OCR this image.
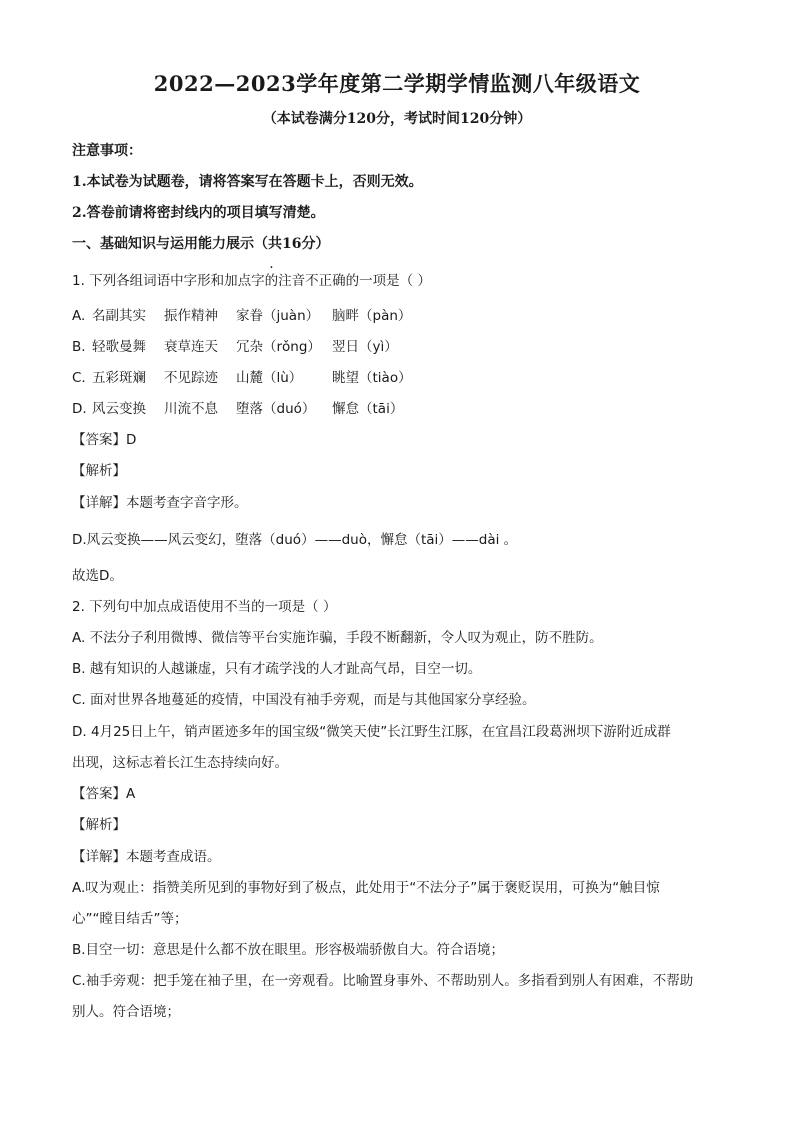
2022—2023学年度第二学期学情监测八年级语文
（本试卷满分120分，考试时间120分钟）
注意事项：
1.本试卷为试题卷，请将答案写在答题卡上，否则无效。
2.答卷前请将密封线内的项目填写清楚。
一、基础知识与运用能力展示（共16分）
1. 下列各组词语中字形和加点字的注音不正确的一项是（ ）
A. 名副其实 振作精神 家眷（juàn） 脑畔（pàn）
B. 轻歌曼舞 衰草连天 冗杂（rǒng） 翌日（yì）
C. 五彩斑斓 不见踪迹 山麓（lù） 眺望（tiào）
D. 风云变换 川流不息 堕落（duó） 懈怠（tāi）
【答案】D
【解析】
【详解】本题考查字音字形。
D.风云变换——风云变幻，堕落（duó）——duò，懈怠（tāi）——dài 。
故选D。
2. 下列句中加点成语使用不当的一项是（ ）
A. 不法分子利用微博、微信等平台实施诈骗，手段不断翻新，令人叹为观止，防不胜防。
B. 越有知识的人越谦虚，只有才疏学浅的人才趾高气昂，目空一切。
C. 面对世界各地蔓延的疫情，中国没有袖手旁观，而是与其他国家分享经验。
D. 4月25日上午，销声匿迹多年的国宝级“微笑天使”长江野生江豚，在宜昌江段葛洲坝下游附近成群
出现，这标志着长江生态持续向好。
【答案】A
【解析】
【详解】本题考查成语。
A.叹为观止：指赞美所见到的事物好到了极点，此处用于“不法分子”属于褒贬误用，可换为“触目惊
心”“瞠目结舌”等；
B.目空一切：意思是什么都不放在眼里。形容极端骄傲自大。符合语境；
C.袖手旁观：把手笼在袖子里，在一旁观看。比喻置身事外、不帮助别人。多指看到别人有困难，不帮助
别人。符合语境；
